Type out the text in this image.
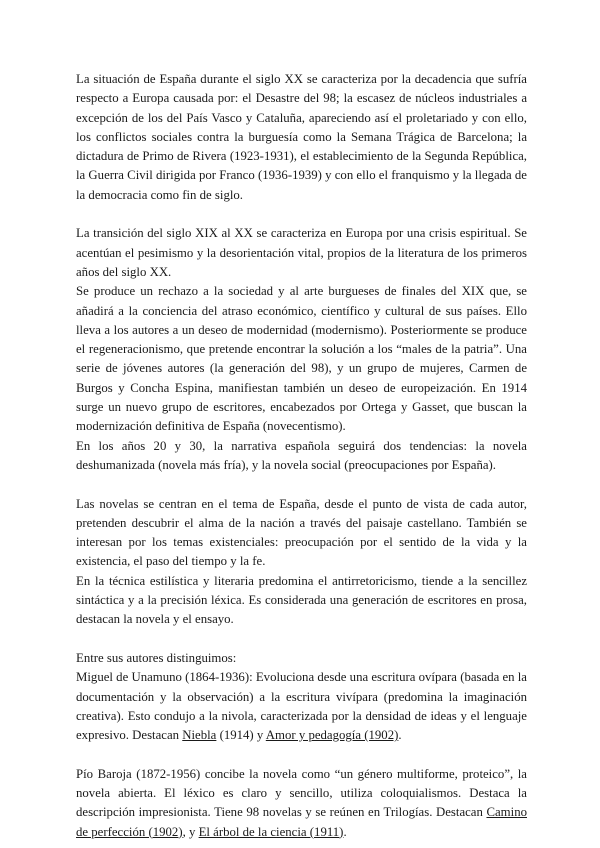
La situación de España durante el siglo XX se caracteriza por la decadencia que sufría respecto a Europa causada por: el Desastre del 98; la escasez de núcleos industriales a excepción de los del País Vasco y Cataluña, apareciendo así el proletariado y con ello, los conflictos sociales contra la burguesía como la Semana Trágica de Barcelona; la dictadura de Primo de Rivera (1923-1931), el establecimiento de la Segunda República, la Guerra Civil dirigida por Franco (1936-1939) y con ello el franquismo y la llegada de la democracia como fin de siglo.

La transición del siglo XIX al XX se caracteriza en Europa por una crisis espiritual. Se acentúan el pesimismo y la desorientación vital, propios de la literatura de los primeros años del siglo XX.

Se produce un rechazo a la sociedad y al arte burgueses de finales del XIX que, se añadirá a la conciencia del atraso económico, científico y cultural de sus países. Ello lleva a los autores a un deseo de modernidad (modernismo). Posteriormente se produce el regeneracionismo, que pretende encontrar la solución a los “males de la patria”. Una serie de jóvenes autores (la generación del 98), y un grupo de mujeres, Carmen de Burgos y Concha Espina, manifiestan también un deseo de europeización. En 1914 surge un nuevo grupo de escritores, encabezados por Ortega y Gasset, que buscan la modernización definitiva de España (novecentismo).

En los años 20 y 30, la narrativa española seguirá dos tendencias: la novela deshumanizada (novela más fría), y la novela social (preocupaciones por España).

Las novelas se centran en el tema de España, desde el punto de vista de cada autor, pretenden descubrir el alma de la nación a través del paisaje castellano. También se interesan por los temas existenciales: preocupación por el sentido de la vida y la existencia, el paso del tiempo y la fe.

En la técnica estilística y literaria predomina el antirretoricismo, tiende a la sencillez sintáctica y a la precisión léxica. Es considerada una generación de escritores en prosa, destacan la novela y el ensayo.

Entre sus autores distinguimos:

Miguel de Unamuno (1864-1936): Evoluciona desde una escritura ovípara (basada en la documentación y la observación) a la escritura vivípara (predomina la imaginación creativa). Esto condujo a la nivola, caracterizada por la densidad de ideas y el lenguaje expresivo. Destacan Niebla (1914) y Amor y pedagogía (1902).

Pío Baroja (1872-1956) concibe la novela como “un género multiforme, proteico”, la novela abierta. El léxico es claro y sencillo, utiliza coloquialismos. Destaca la descripción impresionista. Tiene 98 novelas y se reúnen en Trilogías. Destacan Camino de perfección (1902), y El árbol de la ciencia (1911).
